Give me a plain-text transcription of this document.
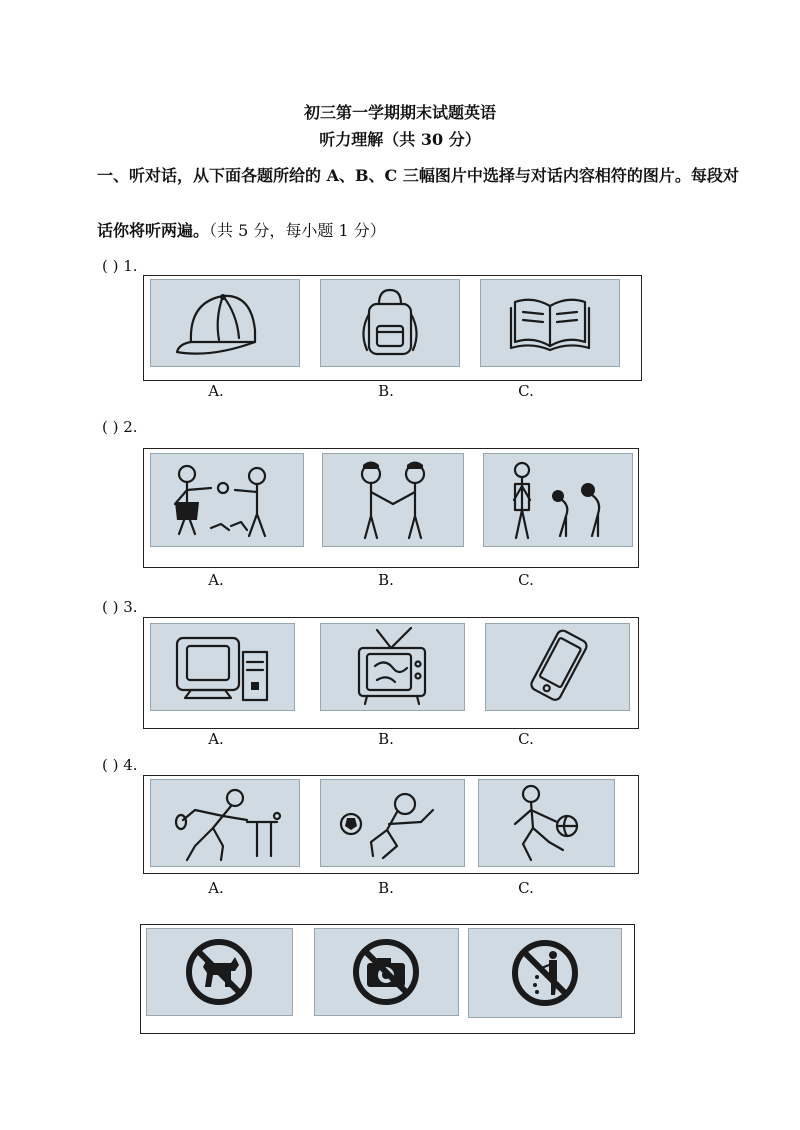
初三第一学期期末试题英语
听力理解（共 30 分）
一、听对话，从下面各题所给的 A、B、C 三幅图片中选择与对话内容相符的图片。每段对
话你将听两遍。（共 5 分，每小题 1 分）
( ) 1.
A.	B.	C.
( ) 2.
A.	B.	C.
( ) 3.
A.	B.	C.
( ) 4.
A.	B.	C.
